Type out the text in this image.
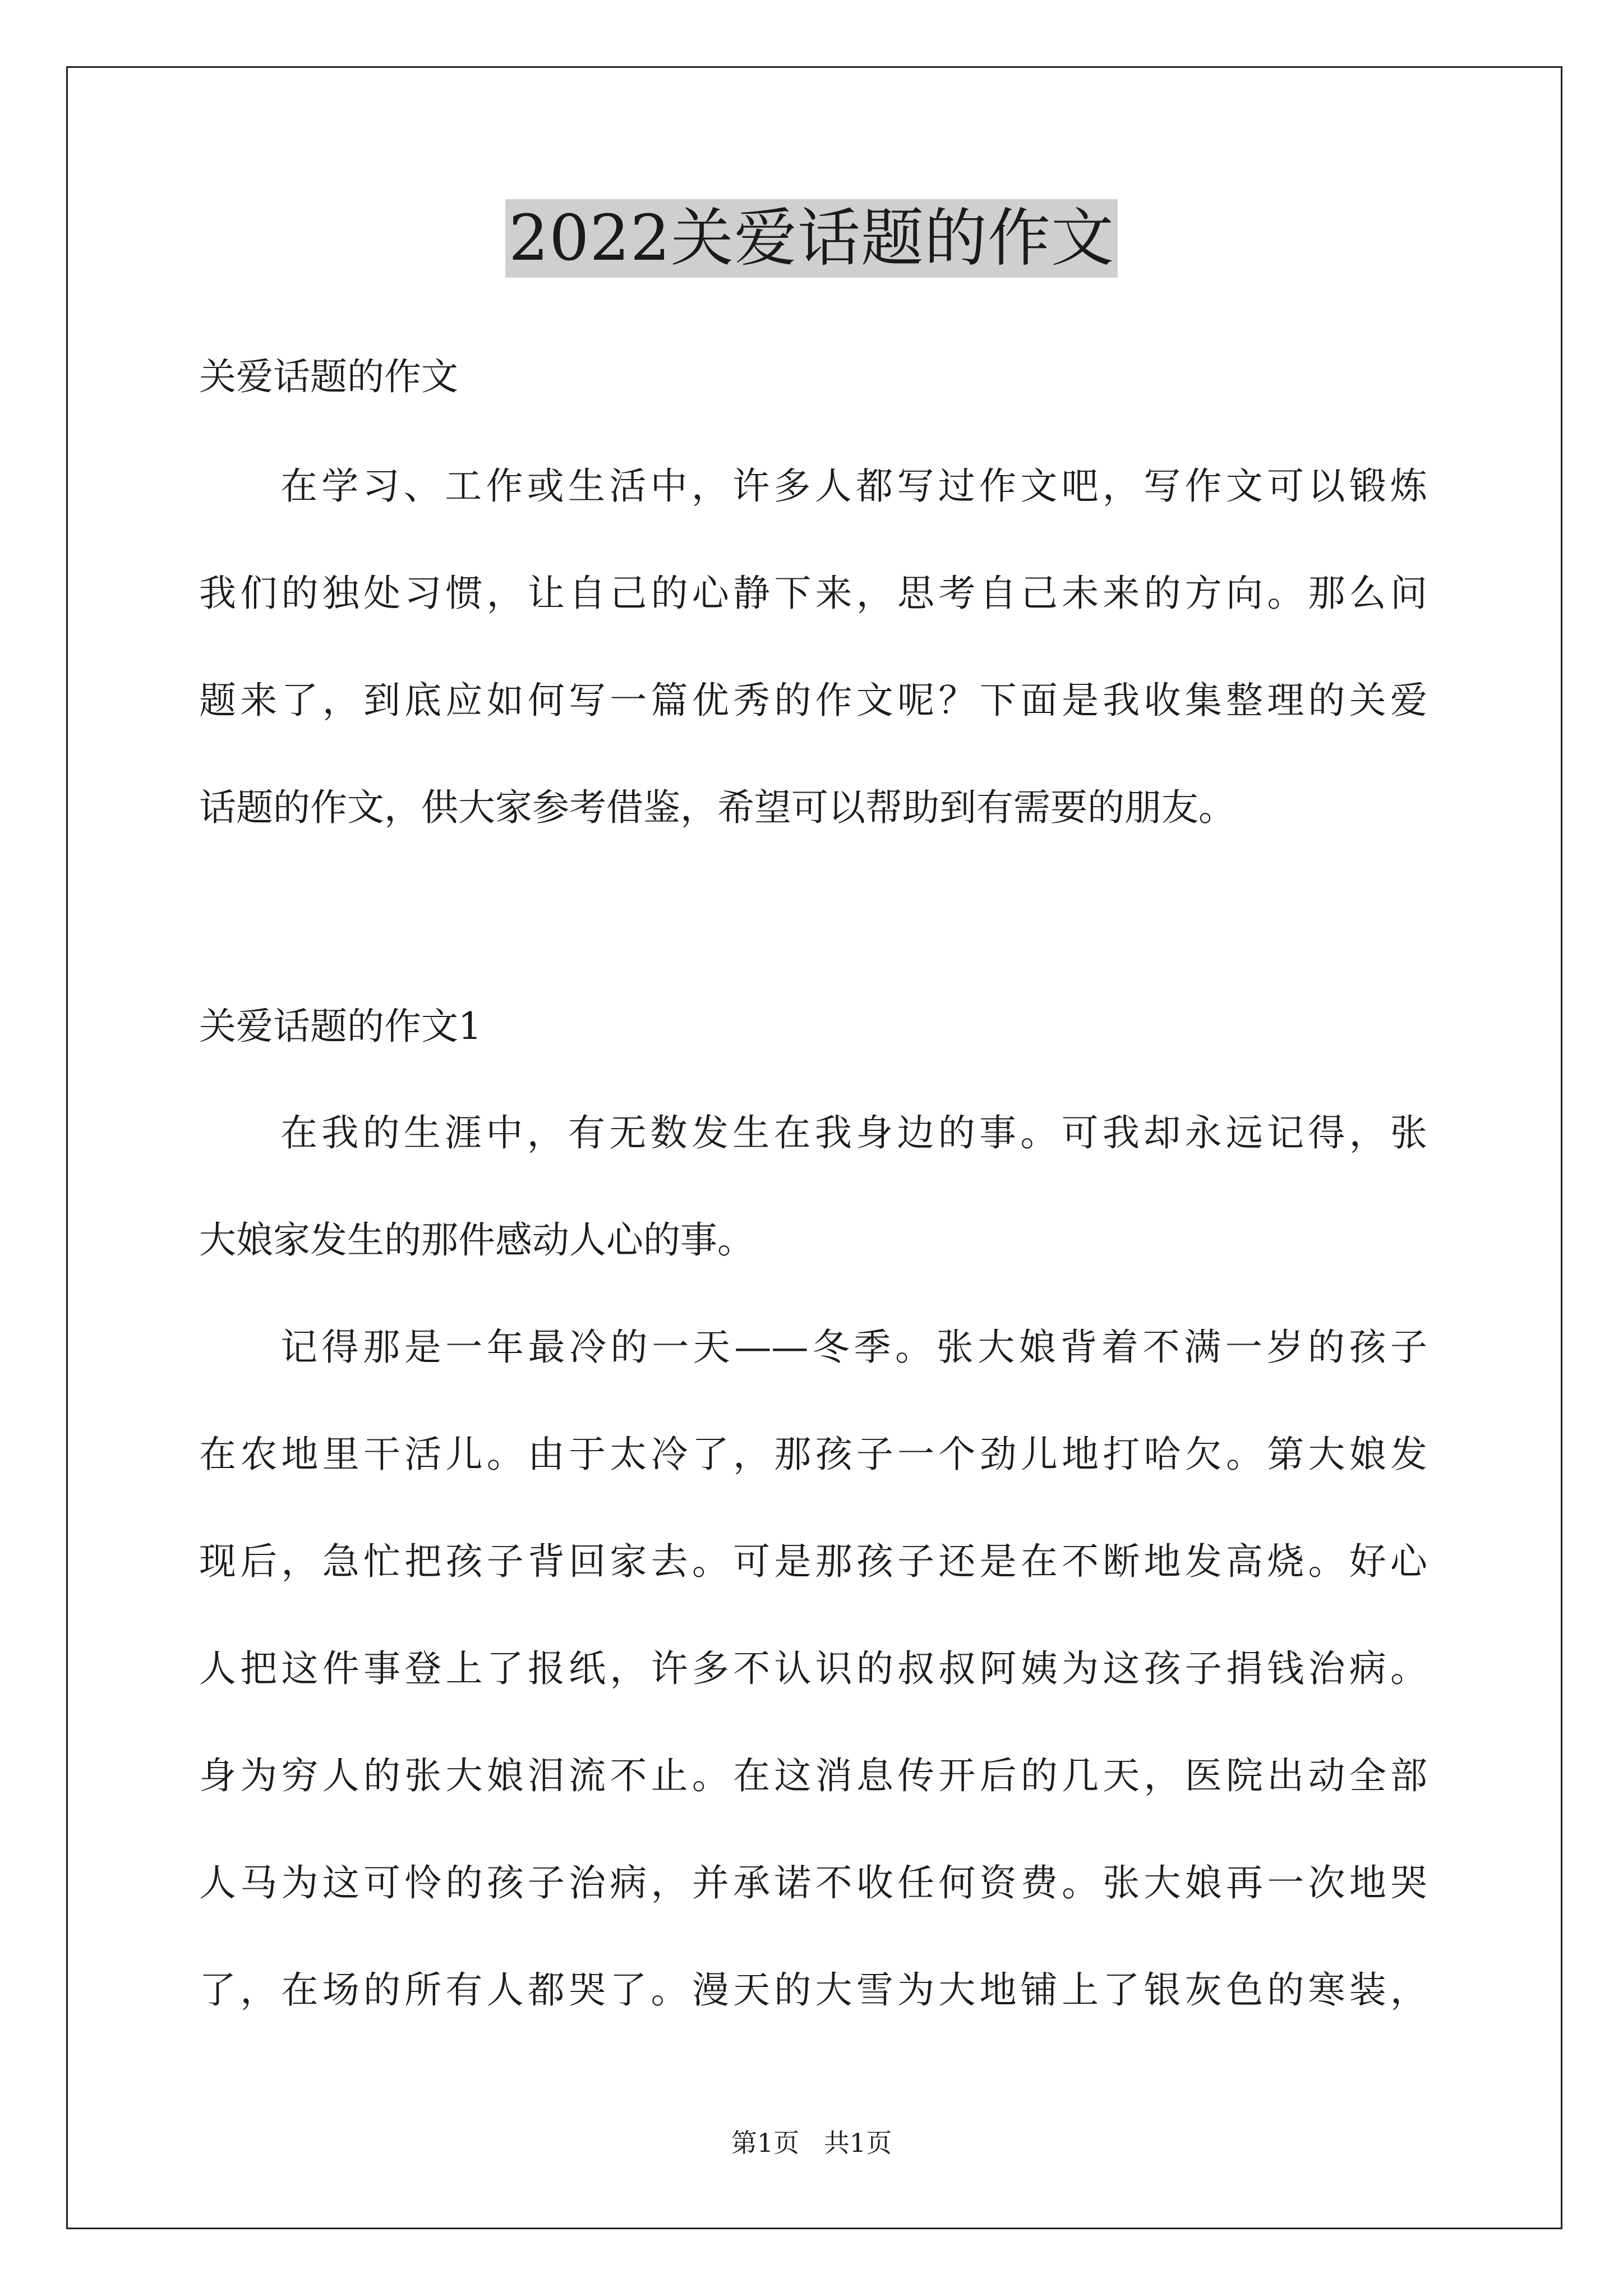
2022关爱话题的作文
关爱话题的作文
在学习、工作或生活中，许多人都写过作文吧，写作文可以锻炼
我们的独处习惯，让自己的心静下来，思考自己未来的方向。那么问
题来了，到底应如何写一篇优秀的作文呢？下面是我收集整理的关爱
话题的作文，供大家参考借鉴，希望可以帮助到有需要的朋友。
关爱话题的作文1
在我的生涯中，有无数发生在我身边的事。可我却永远记得，张
大娘家发生的那件感动人心的事。
记得那是一年最冷的一天——冬季。张大娘背着不满一岁的孩子
在农地里干活儿。由于太冷了，那孩子一个劲儿地打哈欠。第大娘发
现后，急忙把孩子背回家去。可是那孩子还是在不断地发高烧。好心
人把这件事登上了报纸，许多不认识的叔叔阿姨为这孩子捐钱治病。
身为穷人的张大娘泪流不止。在这消息传开后的几天，医院出动全部
人马为这可怜的孩子治病，并承诺不收任何资费。张大娘再一次地哭
了，在场的所有人都哭了。漫天的大雪为大地铺上了银灰色的寒装，
第1页   共1页
